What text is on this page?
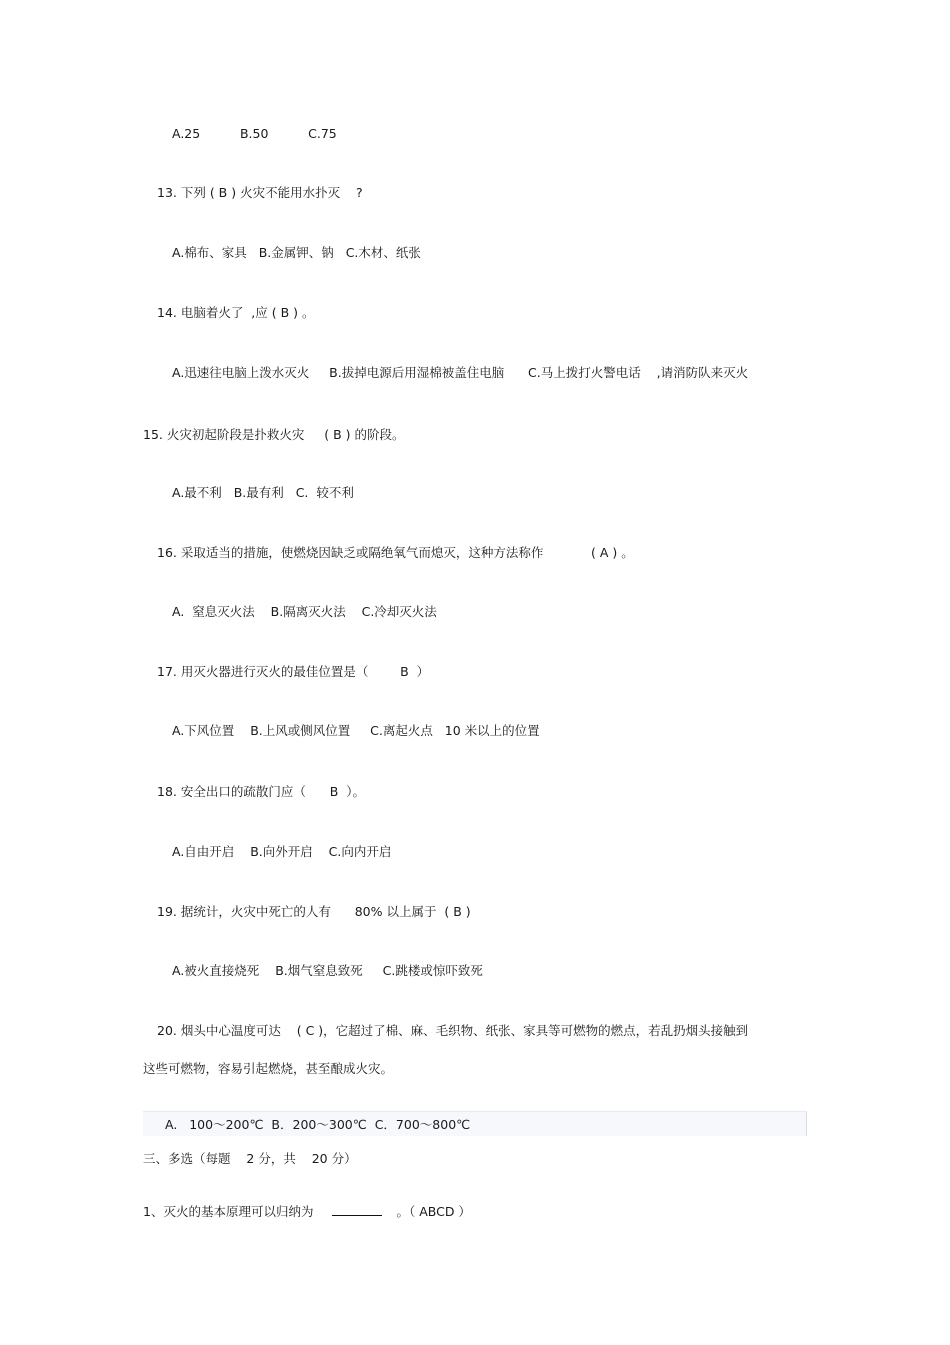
A.25          B.50          C.75
13. 下列 ( B ) 火灾不能用水扑灭    ?
A.棉布、家具   B.金属钾、钠   C.木材、纸张
14. 电脑着火了  ,应 ( B ) 。
A.迅速往电脑上泼水灭火     B.拔掉电源后用湿棉被盖住电脑      C.马上拨打火警电话    ,请消防队来灭火
15. 火灾初起阶段是扑救火灾     ( B ) 的阶段。
A.最不利   B.最有利   C.  较不利
16. 采取适当的措施，使燃烧因缺乏或隔绝氧气而熄灭，这种方法称作            ( A ) 。
A.  窒息灭火法    B.隔离灭火法    C.冷却灭火法
17. 用灭火器进行灭火的最佳位置是（        B  ）
A.下风位置    B.上风或侧风位置     C.离起火点   10 米以上的位置
18. 安全出口的疏散门应（      B  ）。
A.自由开启    B.向外开启    C.向内开启
19. 据统计，火灾中死亡的人有      80% 以上属于  ( B )
A.被火直接烧死    B.烟气窒息致死     C.跳楼或惊吓致死
20. 烟头中心温度可达    ( C )，它超过了棉、麻、毛织物、纸张、家具等可燃物的燃点，若乱扔烟头接触到
这些可燃物，容易引起燃烧，甚至酿成火灾。
A.   100～200℃  B．200～300℃  C．700～800℃
三、多选（每题    2 分，共    20 分）
1、灭火的基本原理可以归纳为	。（ ABCD ）
